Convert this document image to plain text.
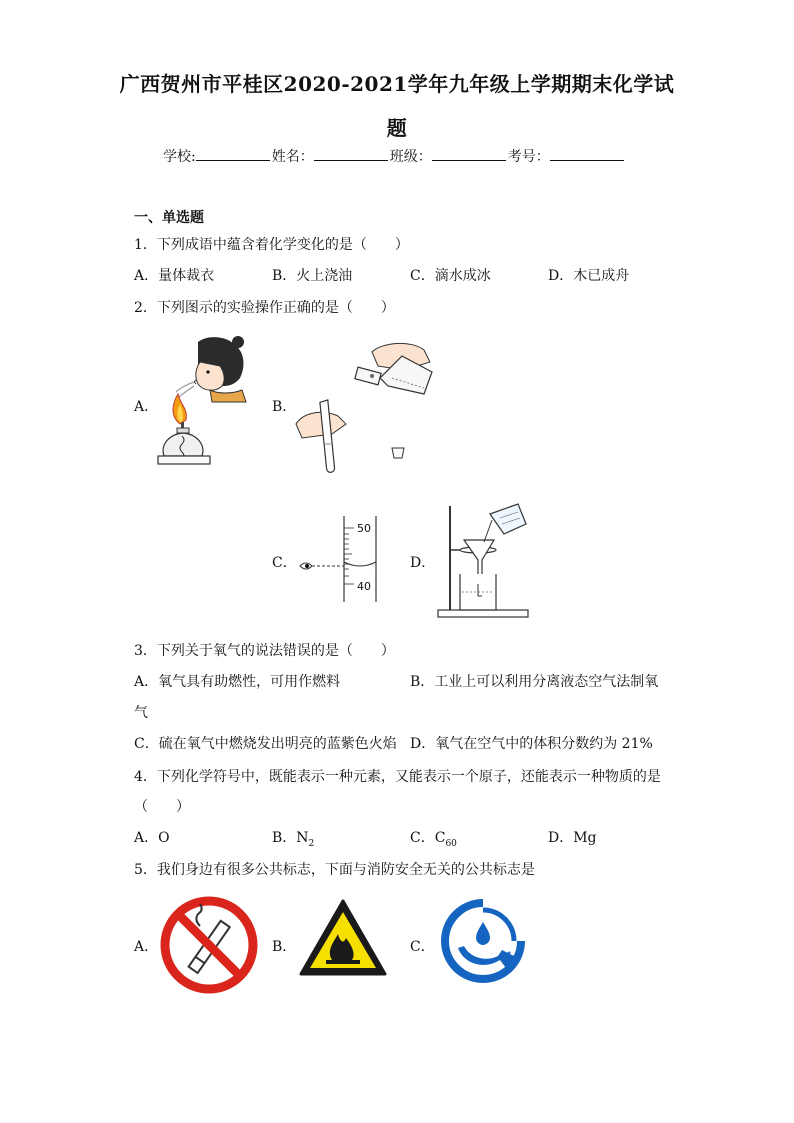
广西贺州市平桂区2020-2021学年九年级上学期期末化学试
题
学校:	姓名：	班级：	考号：
一、单选题
1．下列成语中蕴含着化学变化的是（　　）
A．量体裁衣	B．火上浇油	C．滴水成冰	D．木已成舟
2．下列图示的实验操作正确的是（　　）
A．	B．
C．	D．
50
40
3．下列关于氧气的说法错误的是（　　）
A．氧气具有助燃性，可用作燃料	B．工业上可以利用分离液态空气法制氧
气
C．硫在氧气中燃烧发出明亮的蓝紫色火焰 D．氧气在空气中的体积分数约为 21%
4．下列化学符号中，既能表示一种元素，又能表示一个原子，还能表示一种物质的是
（　　）
A．O	B．$N_2$	C．$C_{60}$	D．Mg
5．我们身边有很多公共标志，下面与消防安全无关的公共标志是
A．	B．	C．
